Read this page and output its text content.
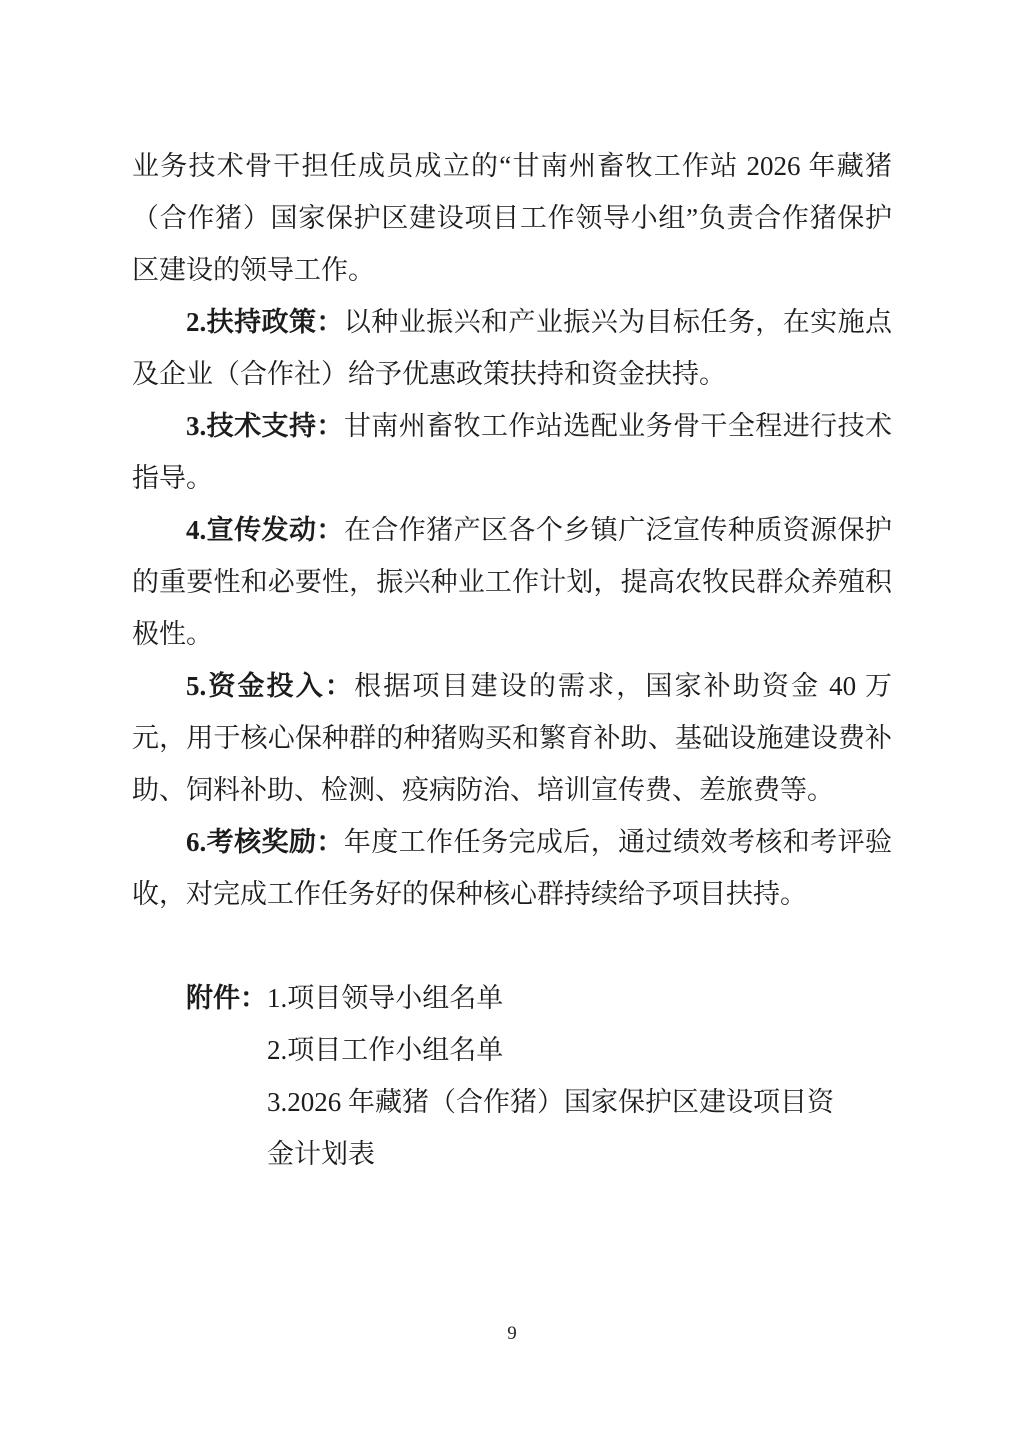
业务技术骨干担任成员成立的“甘南州畜牧工作站 2026 年藏猪（合作猪）国家保护区建设项目工作领导小组”负责合作猪保护区建设的领导工作。

2.扶持政策：以种业振兴和产业振兴为目标任务，在实施点及企业（合作社）给予优惠政策扶持和资金扶持。

3.技术支持：甘南州畜牧工作站选配业务骨干全程进行技术指导。

4.宣传发动：在合作猪产区各个乡镇广泛宣传种质资源保护的重要性和必要性，振兴种业工作计划，提高农牧民群众养殖积极性。

5.资金投入：根据项目建设的需求，国家补助资金 40 万元，用于核心保种群的种猪购买和繁育补助、基础设施建设费补助、饲料补助、检测、疫病防治、培训宣传费、差旅费等。

6.考核奖励：年度工作任务完成后，通过绩效考核和考评验收，对完成工作任务好的保种核心群持续给予项目扶持。

附件：1.项目领导小组名单
2.项目工作小组名单
3.2026 年藏猪（合作猪）国家保护区建设项目资金计划表
9
